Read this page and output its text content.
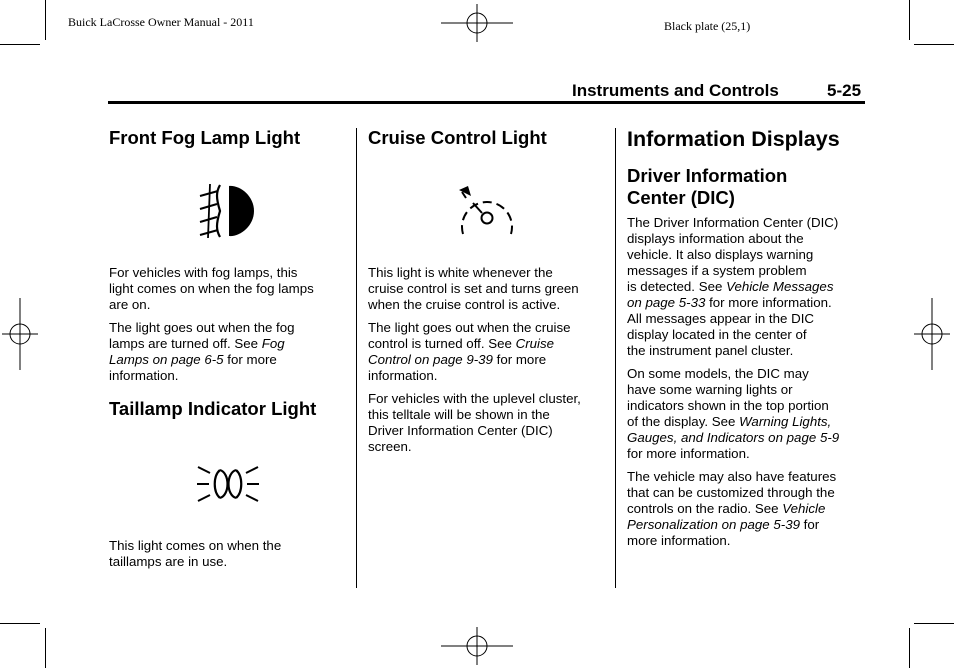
Buick LaCrosse Owner Manual - 2011	Black plate (25,1)
Instruments and Controls	5-25
Front Fog Lamp Light

For vehicles with fog lamps, this
light comes on when the fog lamps
are on.

The light goes out when the fog
lamps are turned off. See Fog
Lamps on page 6-5 for more
information.

Taillamp Indicator Light

This light comes on when the
taillamps are in use.

Cruise Control Light

This light is white whenever the
cruise control is set and turns green
when the cruise control is active.

The light goes out when the cruise
control is turned off. See Cruise
Control on page 9-39 for more
information.

For vehicles with the uplevel cluster,
this telltale will be shown in the
Driver Information Center (DIC)
screen.

Information Displays
Driver Information
Center (DIC)

The Driver Information Center (DIC)
displays information about the
vehicle. It also displays warning
messages if a system problem
is detected. See Vehicle Messages
on page 5-33 for more information.
All messages appear in the DIC
display located in the center of
the instrument panel cluster.

On some models, the DIC may
have some warning lights or
indicators shown in the top portion
of the display. See Warning Lights,
Gauges, and Indicators on page 5-9
for more information.

The vehicle may also have features
that can be customized through the
controls on the radio. See Vehicle
Personalization on page 5-39 for
more information.
